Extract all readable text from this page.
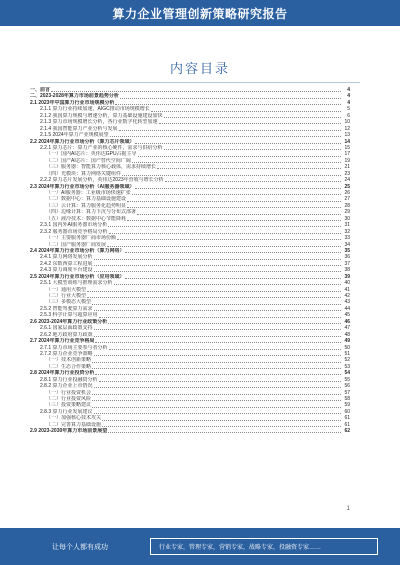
算力企业管理创新策略研究报告
内容目录
一、前言	4
二、2023-2028年算力市场前景趋势分析	4
2.1 2023年中国算力行业市场规模分析	4
2.1.1 算力行业持续加速，AIGC推动市场规模增长	5
2.1.2 我国算力规模与增速分析，算力基础设施建设加快	6
2.1.3 算力市场规模增长分析，各行业数字化转型加速	10
2.1.4 我国智能算力产业分析与发展	12
2.1.5 2024年算力产业规模展望	13
2.2 2024年算力行业市场分析（算力芯片领域）	14
2.2.1 算力芯片：算力产业的核心硬件，需求与供给分析	15
（一）国内AI芯片：英伟达GPU占据主导	17
（二）国产AI芯片：国产替代空间广阔	19
（三）服务器：智能算力核心载体，需求持续增长	21
（四）光模块：算力网络关键组件	23
2.2.2 算力芯片发展分析，英伟达2023年营收与增长分析	24
2.3 2024年算力行业市场分析（AI服务器领域）	25
（一）AI服务器：工业级市场快速扩张	26
（二）数据中心：算力基础设施建设	27
（三）云计算：算力服务化趋势明显	28
（四）边缘计算：算力下沉与分布式部署	29
（五）液冷技术：数据中心节能降耗	30
2.3.1 国内外AI服务器市场分析	31
2.3.2 服务器市场竞争格局分析	32
（一）主要服务器厂商市场份额	33
（二）国产服务器厂商发展	34
2.4 2024年算力行业市场分析（算力网络）	35
2.4.1 算力网络发展分析	36
2.4.2 东数西算工程进展	37
2.4.3 算力调度平台建设	38
2.5 2024年算力行业市场分析（应用领域）	39
2.5.1 大模型训练与推理需求分析	40
（一）通用大模型	41
（二）行业大模型	42
（三）多模态大模型	43
2.5.2 智能驾驶算力需求	44
2.5.3 科学计算与超算应用	45
2.6 2023-2024年算力行业政策分析	46
2.6.1 国家层面政策支持	47
2.6.2 地方政府算力政策	48
2.7 2024年算力行业竞争格局	49
2.7.1 算力市场主要参与者分析	50
2.7.2 算力企业竞争策略	51
（一）技术创新策略	52
（二）生态合作策略	53
2.8 2024年算力行业投资分析	54
2.8.1 算力行业投融资分析	55
2.8.2 算力企业上市情况	56
（一）行业投资机会	57
（二）行业投资风险	58
（三）投资策略建议	59
2.8.3 算力行业发展建议	60
（一）加强核心技术攻关	61
（二）完善算力基础设施	61
2.9 2023-2030年算力市场前景展望	62
1
让每个人都有成功	行业专家，管理专家，营销专家，战略专家，投融资专家……
